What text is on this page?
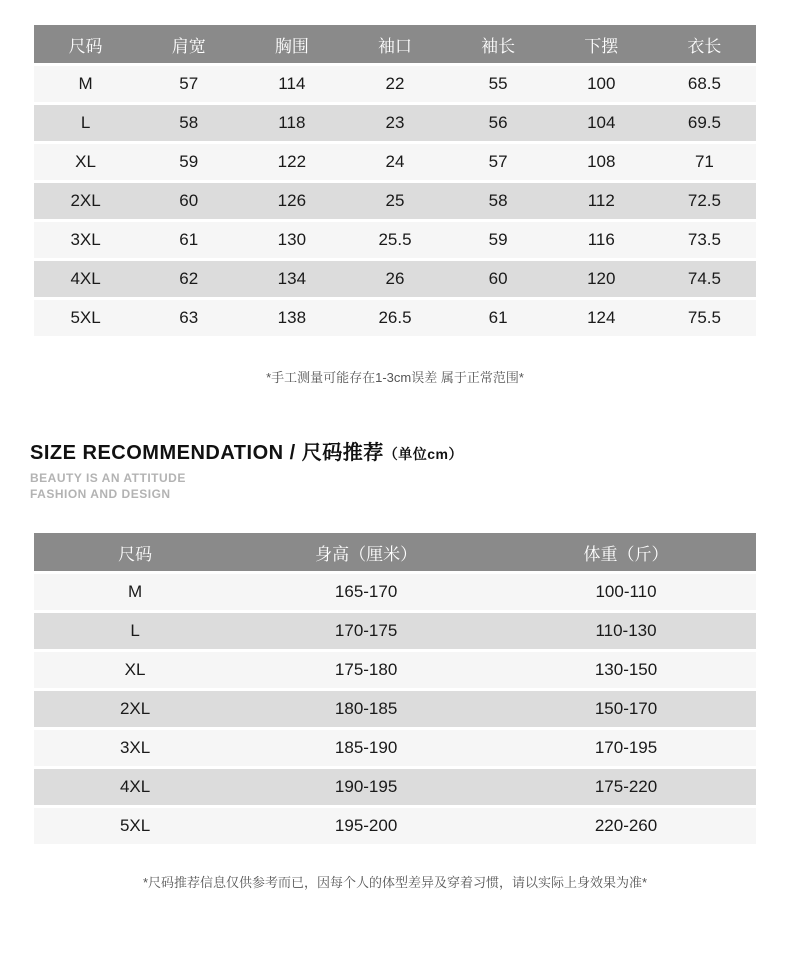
尺码	肩宽	胸围	袖口	袖长	下摆	衣长
M	57	114	22	55	100	68.5
L	58	118	23	56	104	69.5
XL	59	122	24	57	108	71
2XL	60	126	25	58	112	72.5
3XL	61	130	25.5	59	116	73.5
4XL	62	134	26	60	120	74.5
5XL	63	138	26.5	61	124	75.5

*手工测量可能存在1-3cm误差 属于正常范围*

SIZE RECOMMENDATION / 尺码推荐（单位cm）
BEAUTY IS AN ATTITUDE
FASHION AND DESIGN
尺码	身高（厘米）	体重（斤）
M	165-170	100-110
L	170-175	110-130
XL	175-180	130-150
2XL	180-185	150-170
3XL	185-190	170-195
4XL	190-195	175-220
5XL	195-200	220-260

*尺码推荐信息仅供参考而已，因每个人的体型差异及穿着习惯，请以实际上身效果为准*
